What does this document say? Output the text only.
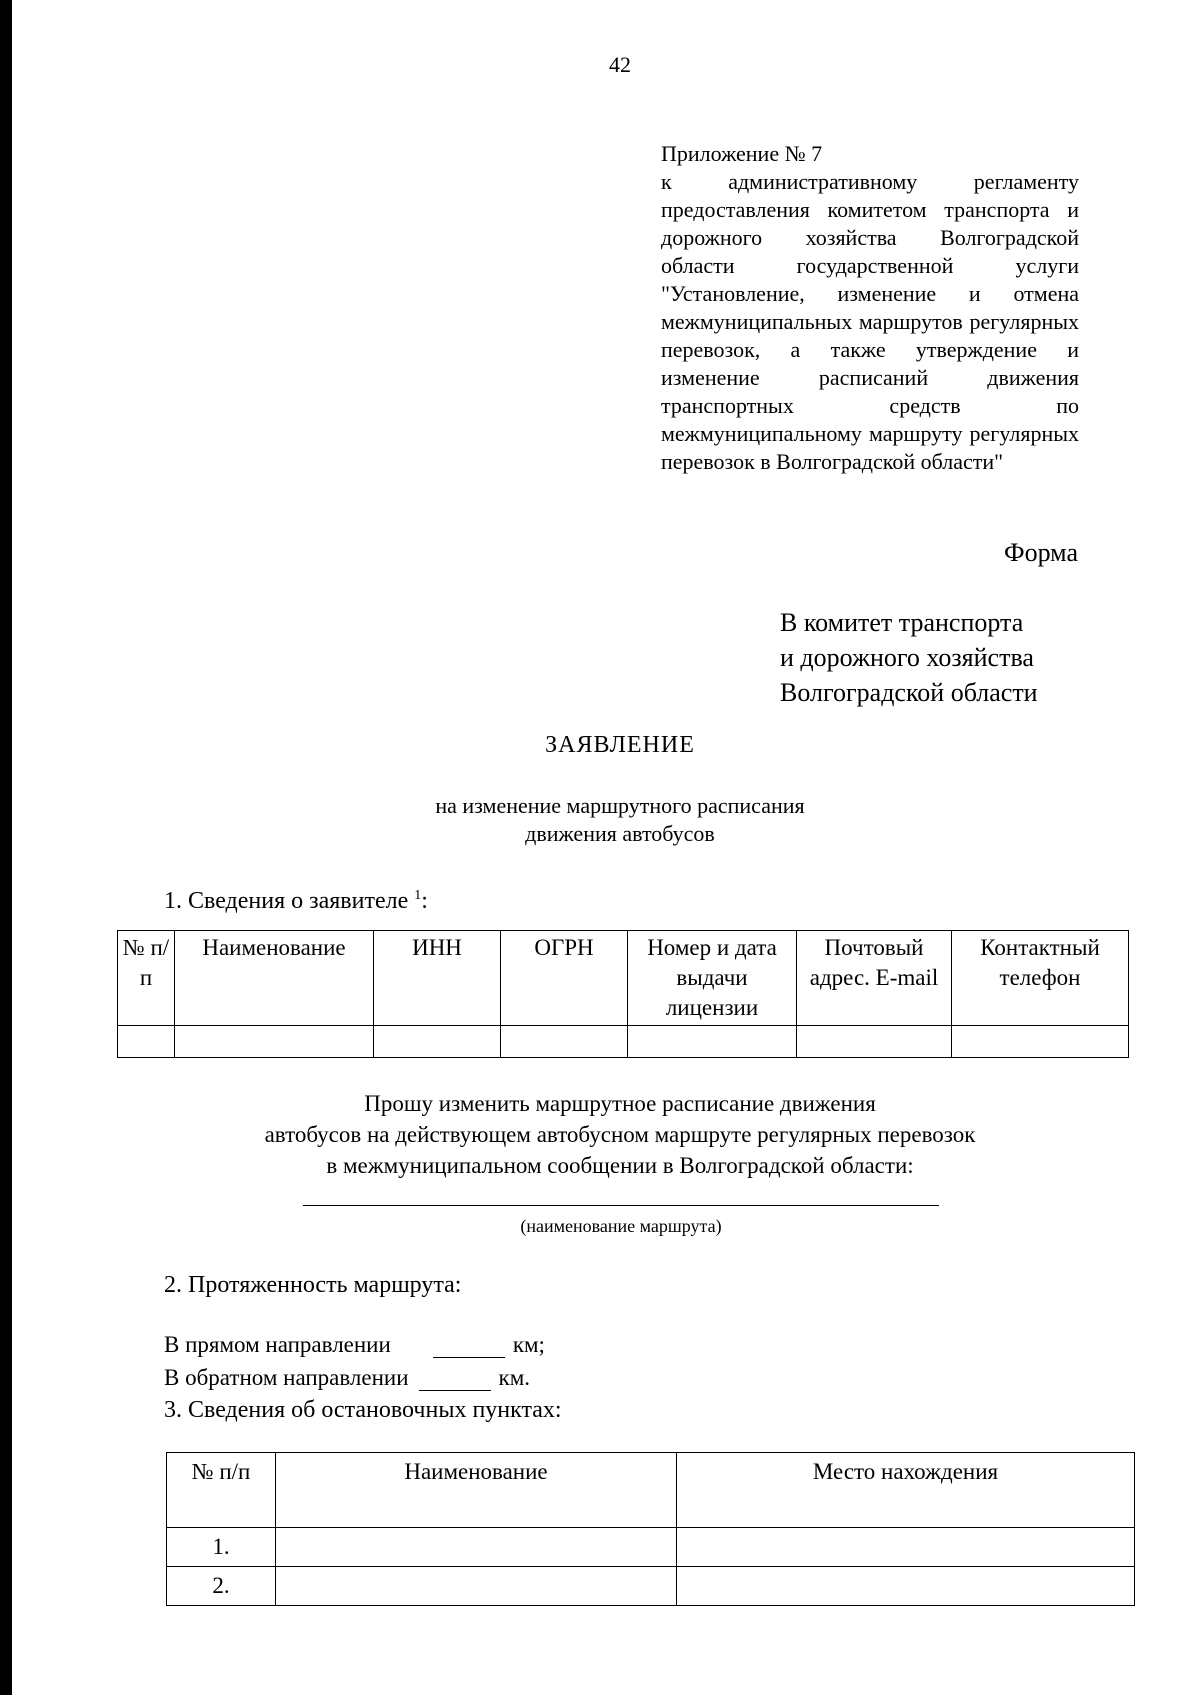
42
Приложение № 7
к административному регламенту предоставления комитетом транспорта и дорожного хозяйства Волгоградской области государственной услуги "Установление, изменение и отмена межмуниципальных маршрутов регулярных перевозок, а также утверждение и изменение расписаний движения транспортных средств по межмуниципальному маршруту регулярных перевозок в Волгоградской области"
Форма
В комитет транспорта
и дорожного хозяйства
Волгоградской области
ЗАЯВЛЕНИЕ
на изменение маршрутного расписания
движения автобусов
1. Сведения о заявителе $^1$:
№ п/п	Наименование	ИНН	ОГРН	Номер и дата выдачи лицензии	Почтовый адрес. E-mail	Контактный телефон

Прошу изменить маршрутное расписание движения
автобусов на действующем автобусном маршруте регулярных перевозок
в межмуниципальном сообщении в Волгоградской области:
(наименование маршрута)
2. Протяженность маршрута:
В прямом направлении	км;
В обратном направлении	км.
3. Сведения об остановочных пунктах:
№ п/п	Наименование	Место нахождения
1.		
2.		
